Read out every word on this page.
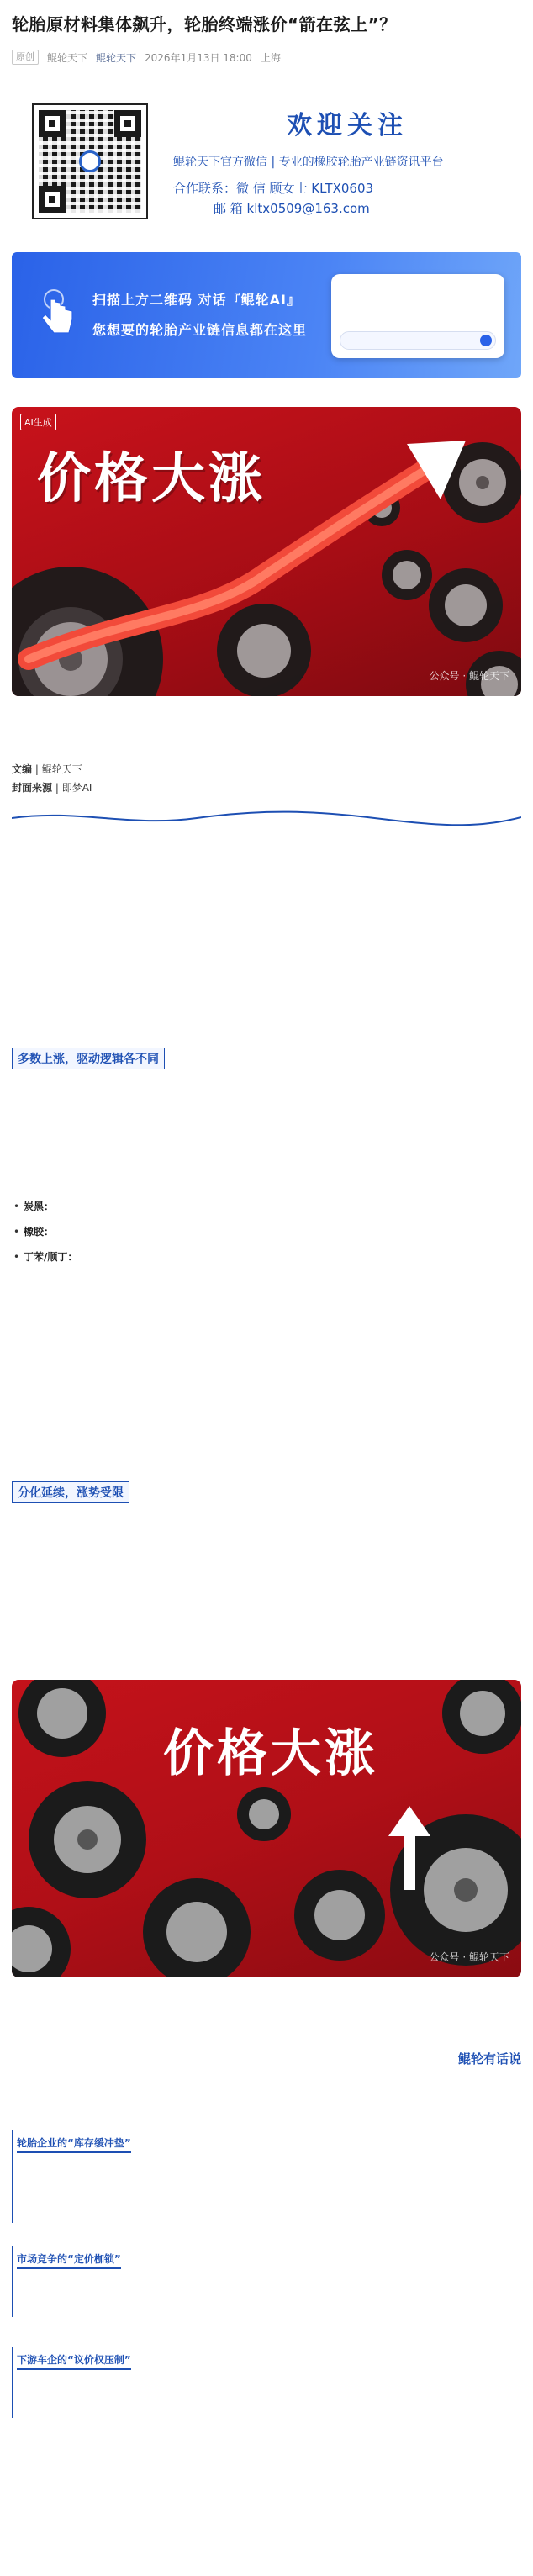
轮胎原材料集体飙升，轮胎终端涨价“箭在弦上”？
原创	鲲轮天下 鲲轮天下 2026年1月13日 18:00 上海
欢迎关注
鲲轮天下官方微信 | 专业的橡胶轮胎产业链资讯平台
合作联系：微 信 顾女士 KLTX0603
邮 箱 kltx0509@163.com
扫描上方二维码 对话『鲲轮AI』
您想要的轮胎产业链信息都在这里
AI生成
价格大涨
公众号 · 鲲轮天下
文编 | 鲲轮天下
封面来源 | 即梦AI
多数上涨，驱动逻辑各不同
• 炭黑：
• 橡胶：
• 丁苯/顺丁：
分化延续，涨势受限
价格大涨
公众号 · 鲲轮天下
鲲轮有话说
轮胎企业的“库存缓冲垫”
市场竞争的“定价枷锁”
下游车企的“议价权压制”
